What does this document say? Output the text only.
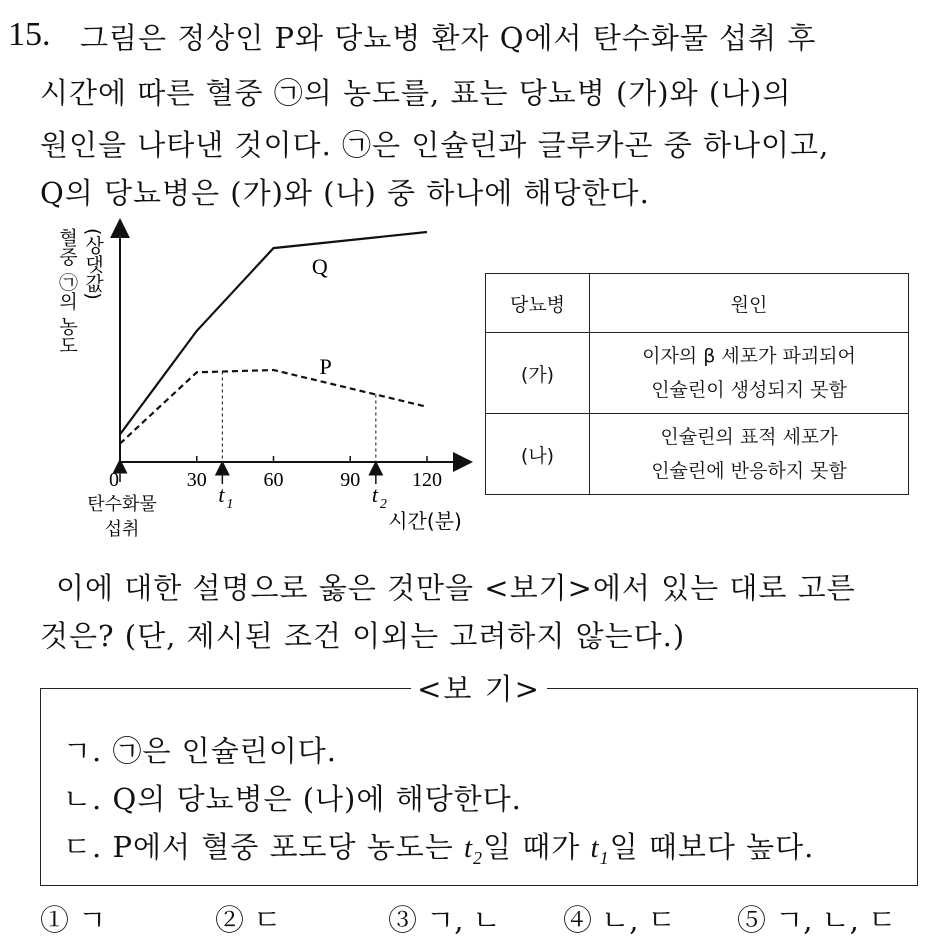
15. 그림은 정상인 P와 당뇨병 환자 Q에서 탄수화물 섭취 후
시간에 따른 혈중 ㉠의 농도를, 표는 당뇨병 (가)와 (나)의
원인을 나타낸 것이다. ㉠은 인슐린과 글루카곤 중 하나이고,
Q의 당뇨병은 (가)와 (나) 중 하나에 해당한다.
혈중 ㉠의 농도 (상댓값)
0	30	60	90	120
t 1	t 2
Q
P
탄수화물
섭취	시간(분)
당뇨병	원인
(가)	이자의 β 세포가 파괴되어
인슐린이 생성되지 못함

(나)	인슐린의 표적 세포가
인슐린에 반응하지 못함
이에 대한 설명으로 옳은 것만을 <보기>에서 있는 대로 고른
것은? (단, 제시된 조건 이외는 고려하지 않는다.)
<보 기>
ㄱ. ㉠은 인슐린이다.
ㄴ. Q의 당뇨병은 (나)에 해당한다.
ㄷ. P에서 혈중 포도당 농도는 $t_2$일 때가 $t_1$일 때보다 높다.
① ㄱ	② ㄷ	③ ㄱ, ㄴ ④ ㄴ, ㄷ ⑤ ㄱ, ㄴ, ㄷ
